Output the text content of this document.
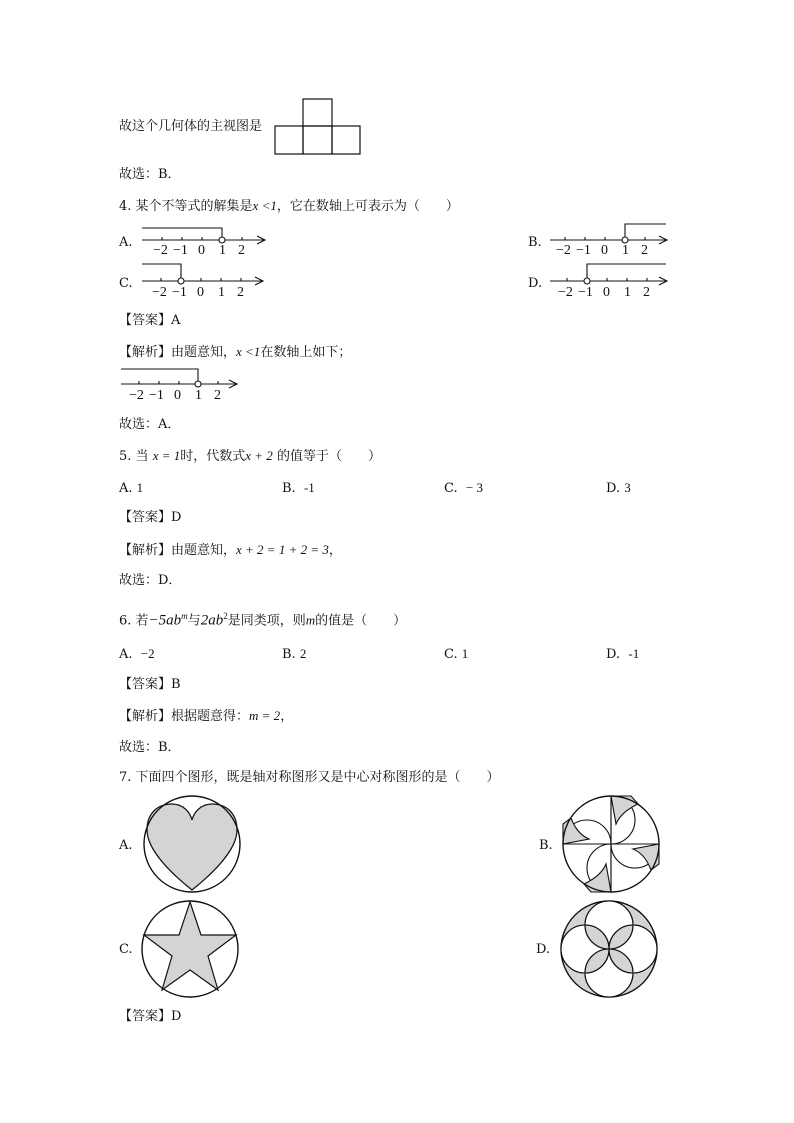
故这个几何体的主视图是
故选：B．
4. 某个不等式的解集是x <1，它在数轴上可表示为（　　）
A.
−2 −1 0 1 2
B.
−2 −1 0 1 2
C.
−2 −1 0 1 2
D.
−2 −1 0 1 2
【答案】A
【解析】由题意知，x <1在数轴上如下；
−2 −1 0 1 2
故选：A．
5. 当 x = 1时，代数式x + 2 的值等于（　　）
A. 1	B. -1	C. − 3	D. 3
【答案】D
【解析】由题意知，x + 2 = 1 + 2 = 3，
故选：D．
6. 若$-5ab^m$与$2ab^2$是同类项，则m的值是（　　）
A. −2	B. 2	C. 1	D. -1
【答案】B
【解析】根据题意得：m = 2，
故选：B．
7. 下面四个图形，既是轴对称图形又是中心对称图形的是（　　）
A.	B.
C.	D.
【答案】D
